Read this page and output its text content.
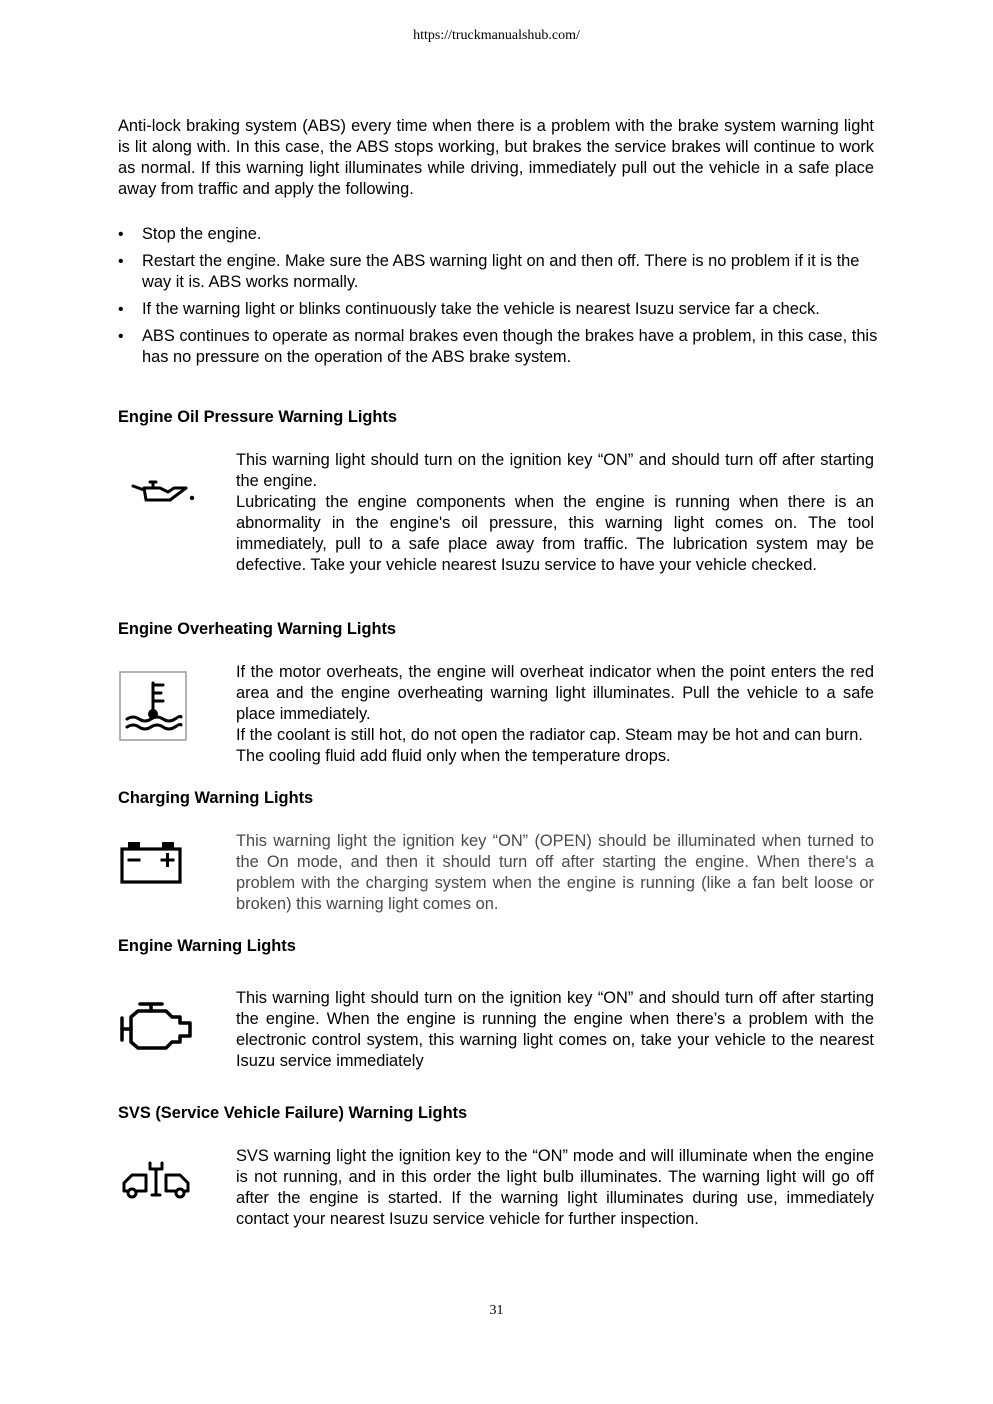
https://truckmanualshub.com/
Anti-lock braking system (ABS) every time when there is a problem with the brake system warning light is lit along with. In this case, the ABS stops working, but brakes the service brakes will continue to work as normal. If this warning light illuminates while driving, immediately pull out the vehicle in a safe place away from traffic and apply the following.
• Stop the engine.
• Restart the engine. Make sure the ABS warning light on and then off. There is no problem if it is the way it is. ABS works normally.
• If the warning light or blinks continuously take the vehicle is nearest Isuzu service far a check.
• ABS continues to operate as normal brakes even though the brakes have a problem, in this case, this has no pressure on the operation of the ABS brake system.
Engine Oil Pressure Warning Lights

This warning light should turn on the ignition key “ON” and should turn off after starting the engine.

Lubricating the engine components when the engine is running when there is an abnormality in the engine's oil pressure, this warning light comes on. The tool immediately, pull to a safe place away from traffic. The lubrication system may be defective. Take your vehicle nearest Isuzu service to have your vehicle checked.

Engine Overheating Warning Lights

If the motor overheats, the engine will overheat indicator when the point enters the red area and the engine overheating warning light illuminates. Pull the vehicle to a safe place immediately.

If the coolant is still hot, do not open the radiator cap. Steam may be hot and can burn. The cooling fluid add fluid only when the temperature drops.

Charging Warning Lights

This warning light the ignition key “ON” (OPEN) should be illuminated when turned to the On mode, and then it should turn off after starting the engine. When there's a problem with the charging system when the engine is running (like a fan belt loose or broken) this warning light comes on.

Engine Warning Lights

This warning light should turn on the ignition key “ON” and should turn off after starting the engine. When the engine is running the engine when there’s a problem with the electronic control system, this warning light comes on, take your vehicle to the nearest Isuzu service immediately

SVS (Service Vehicle Failure) Warning Lights

SVS warning light the ignition key to the “ON” mode and will illuminate when the engine is not running, and in this order the light bulb illuminates. The warning light will go off after the engine is started. If the warning light illuminates during use, immediately contact your nearest Isuzu service vehicle for further inspection.

31
